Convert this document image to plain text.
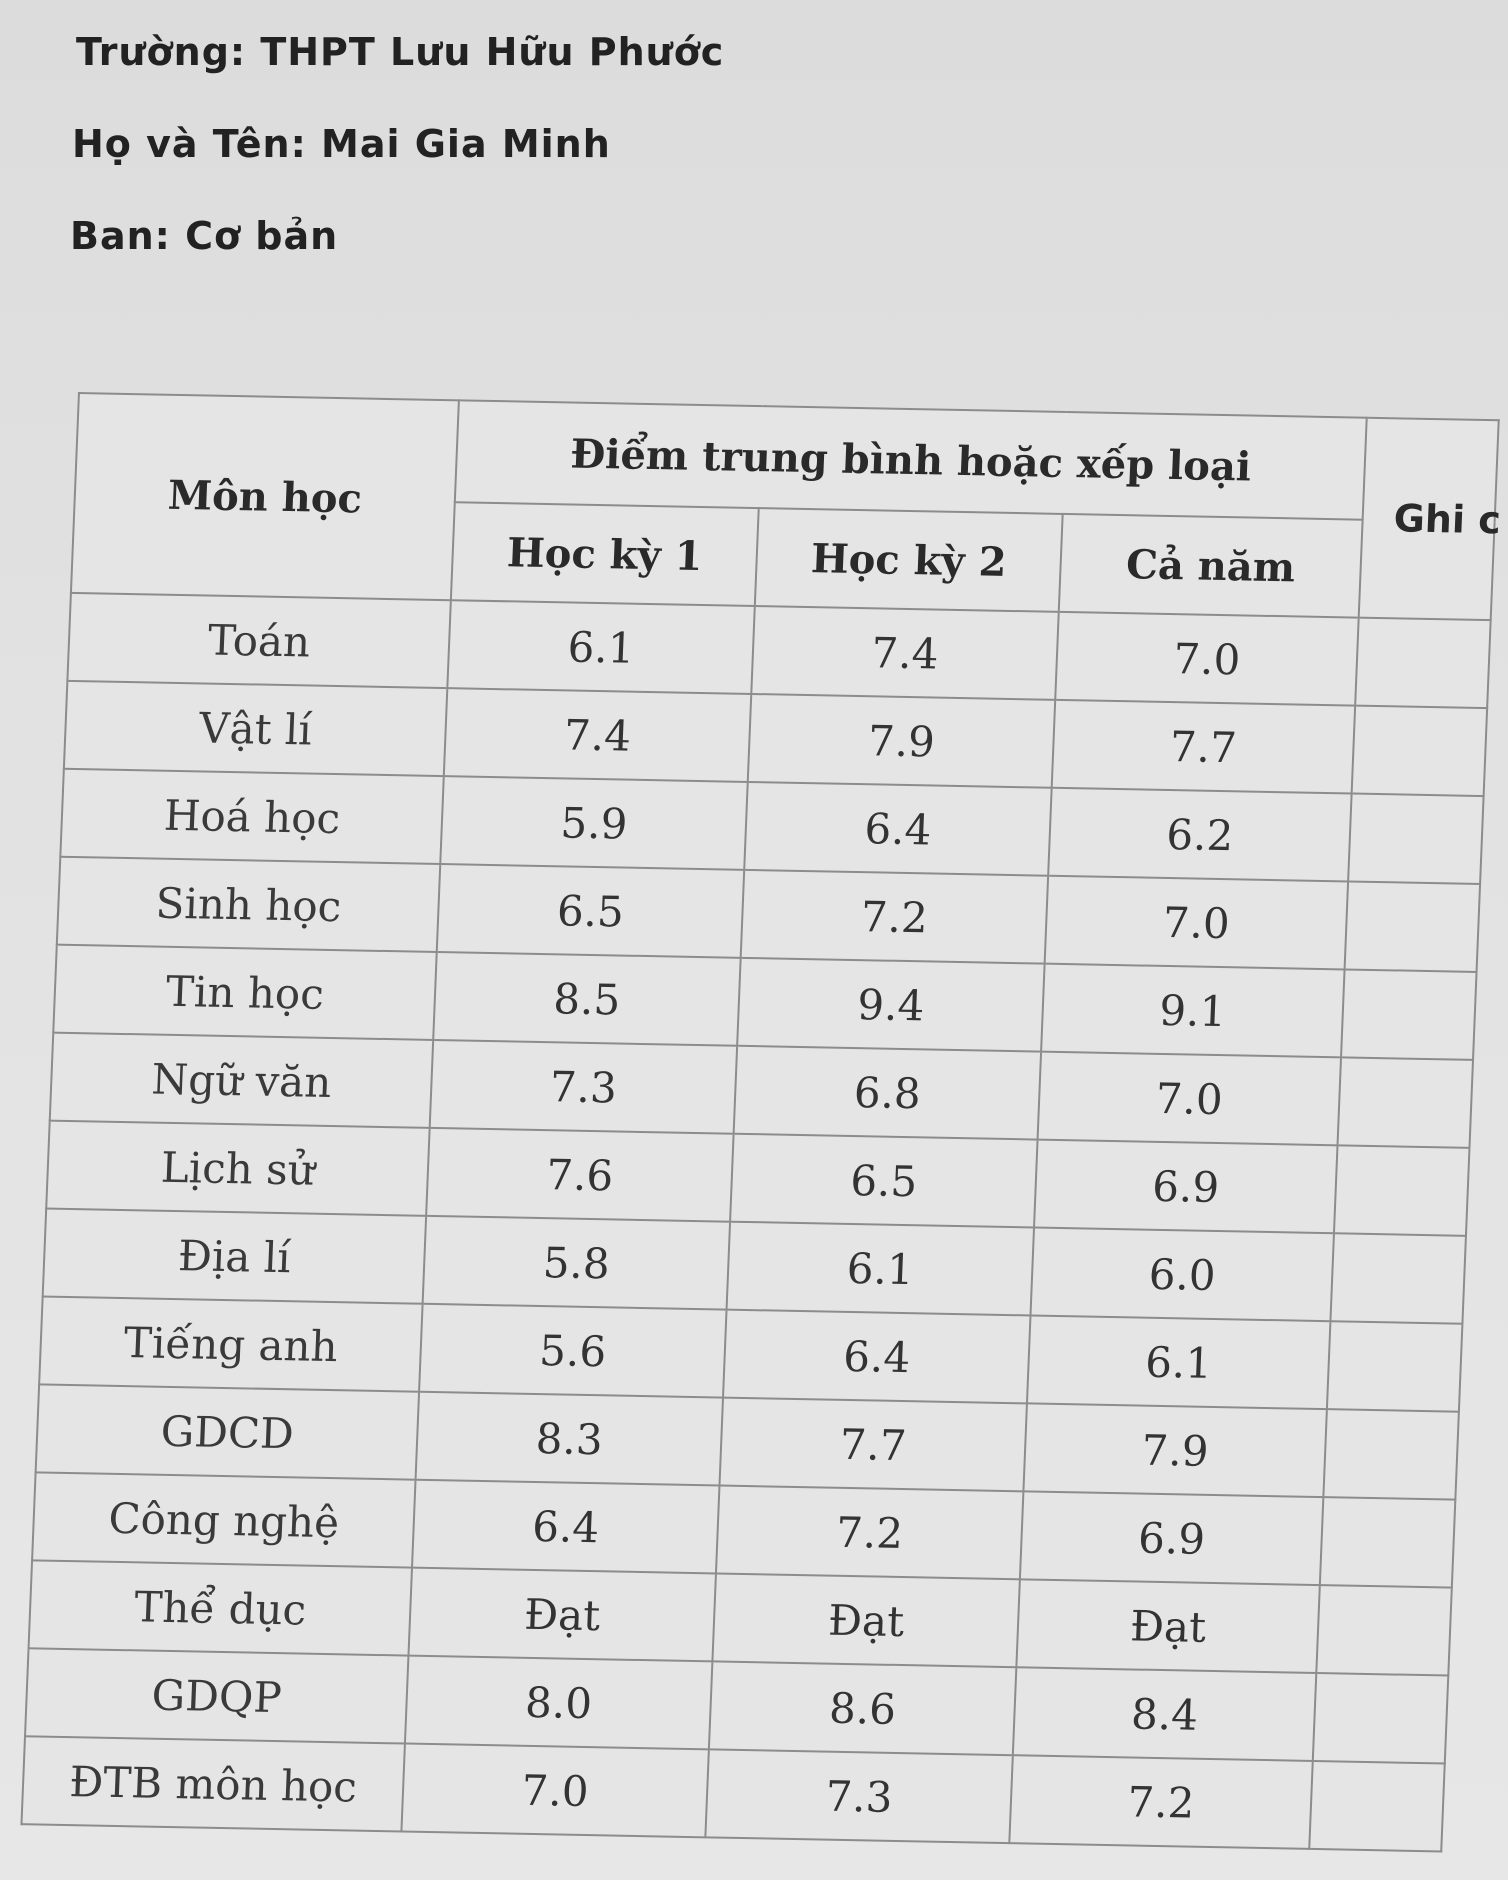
Trường: THPT Lưu Hữu Phước
Họ và Tên: Mai Gia Minh
Ban: Cơ bản
Môn học	Điểm trung bình hoặc xếp loại			Ghi c
	Học kỳ 1	Học kỳ 2	Cả năm	
Toán	6.1	7.4	7.0	
Vật lí	7.4	7.9	7.7	
Hoá học	5.9	6.4	6.2	
Sinh học	6.5	7.2	7.0	
Tin học	8.5	9.4	9.1	
Ngữ văn	7.3	6.8	7.0	
Lịch sử	7.6	6.5	6.9	
Địa lí	5.8	6.1	6.0	
Tiếng anh	5.6	6.4	6.1	
GDCD	8.3	7.7	7.9	
Công nghệ	6.4	7.2	6.9	
Thể dục	Đạt	Đạt	Đạt	
GDQP	8.0	8.6	8.4	
ĐTB môn học	7.0	7.3	7.2	
